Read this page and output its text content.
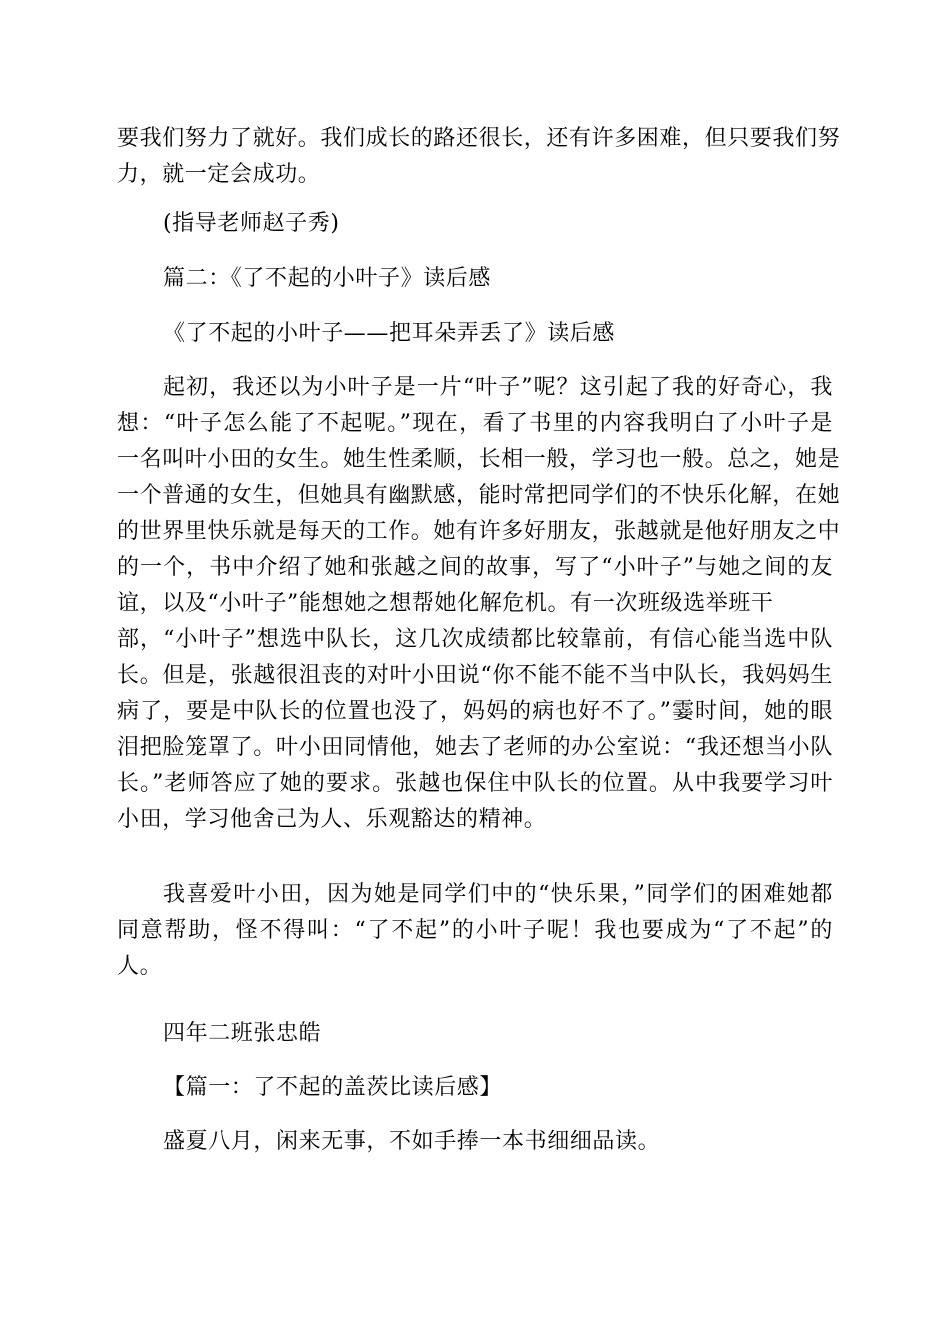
要我们努力了就好。我们成长的路还很长，还有许多困难，但只要我们努
力，就一定会成功。
(指导老师赵子秀)
篇二：《了不起的小叶子》读后感
《了不起的小叶子——把耳朵弄丢了》读后感
起初，我还以为小叶子是一片“叶子”呢？这引起了我的好奇心，我
想：“叶子怎么能了不起呢。”现在，看了书里的内容我明白了小叶子是
一名叫叶小田的女生。她生性柔顺，长相一般，学习也一般。总之，她是
一个普通的女生，但她具有幽默感，能时常把同学们的不快乐化解，在她
的世界里快乐就是每天的工作。她有许多好朋友，张越就是他好朋友之中
的一个，书中介绍了她和张越之间的故事，写了“小叶子”与她之间的友
谊，以及“小叶子”能想她之想帮她化解危机。有一次班级选举班干
部，“小叶子”想选中队长，这几次成绩都比较靠前，有信心能当选中队
长。但是，张越很沮丧的对叶小田说“你不能不能不当中队长，我妈妈生
病了，要是中队长的位置也没了，妈妈的病也好不了。”霎时间，她的眼
泪把脸笼罩了。叶小田同情他，她去了老师的办公室说：“我还想当小队
长。”老师答应了她的要求。张越也保住中队长的位置。从中我要学习叶
小田，学习他舍己为人、乐观豁达的精神。
我喜爱叶小田，因为她是同学们中的“快乐果，”同学们的困难她都
同意帮助，怪不得叫：“了不起”的小叶子呢！我也要成为“了不起”的
人。
四年二班张忠皓
【篇一：了不起的盖茨比读后感】
盛夏八月，闲来无事，不如手捧一本书细细品读。
